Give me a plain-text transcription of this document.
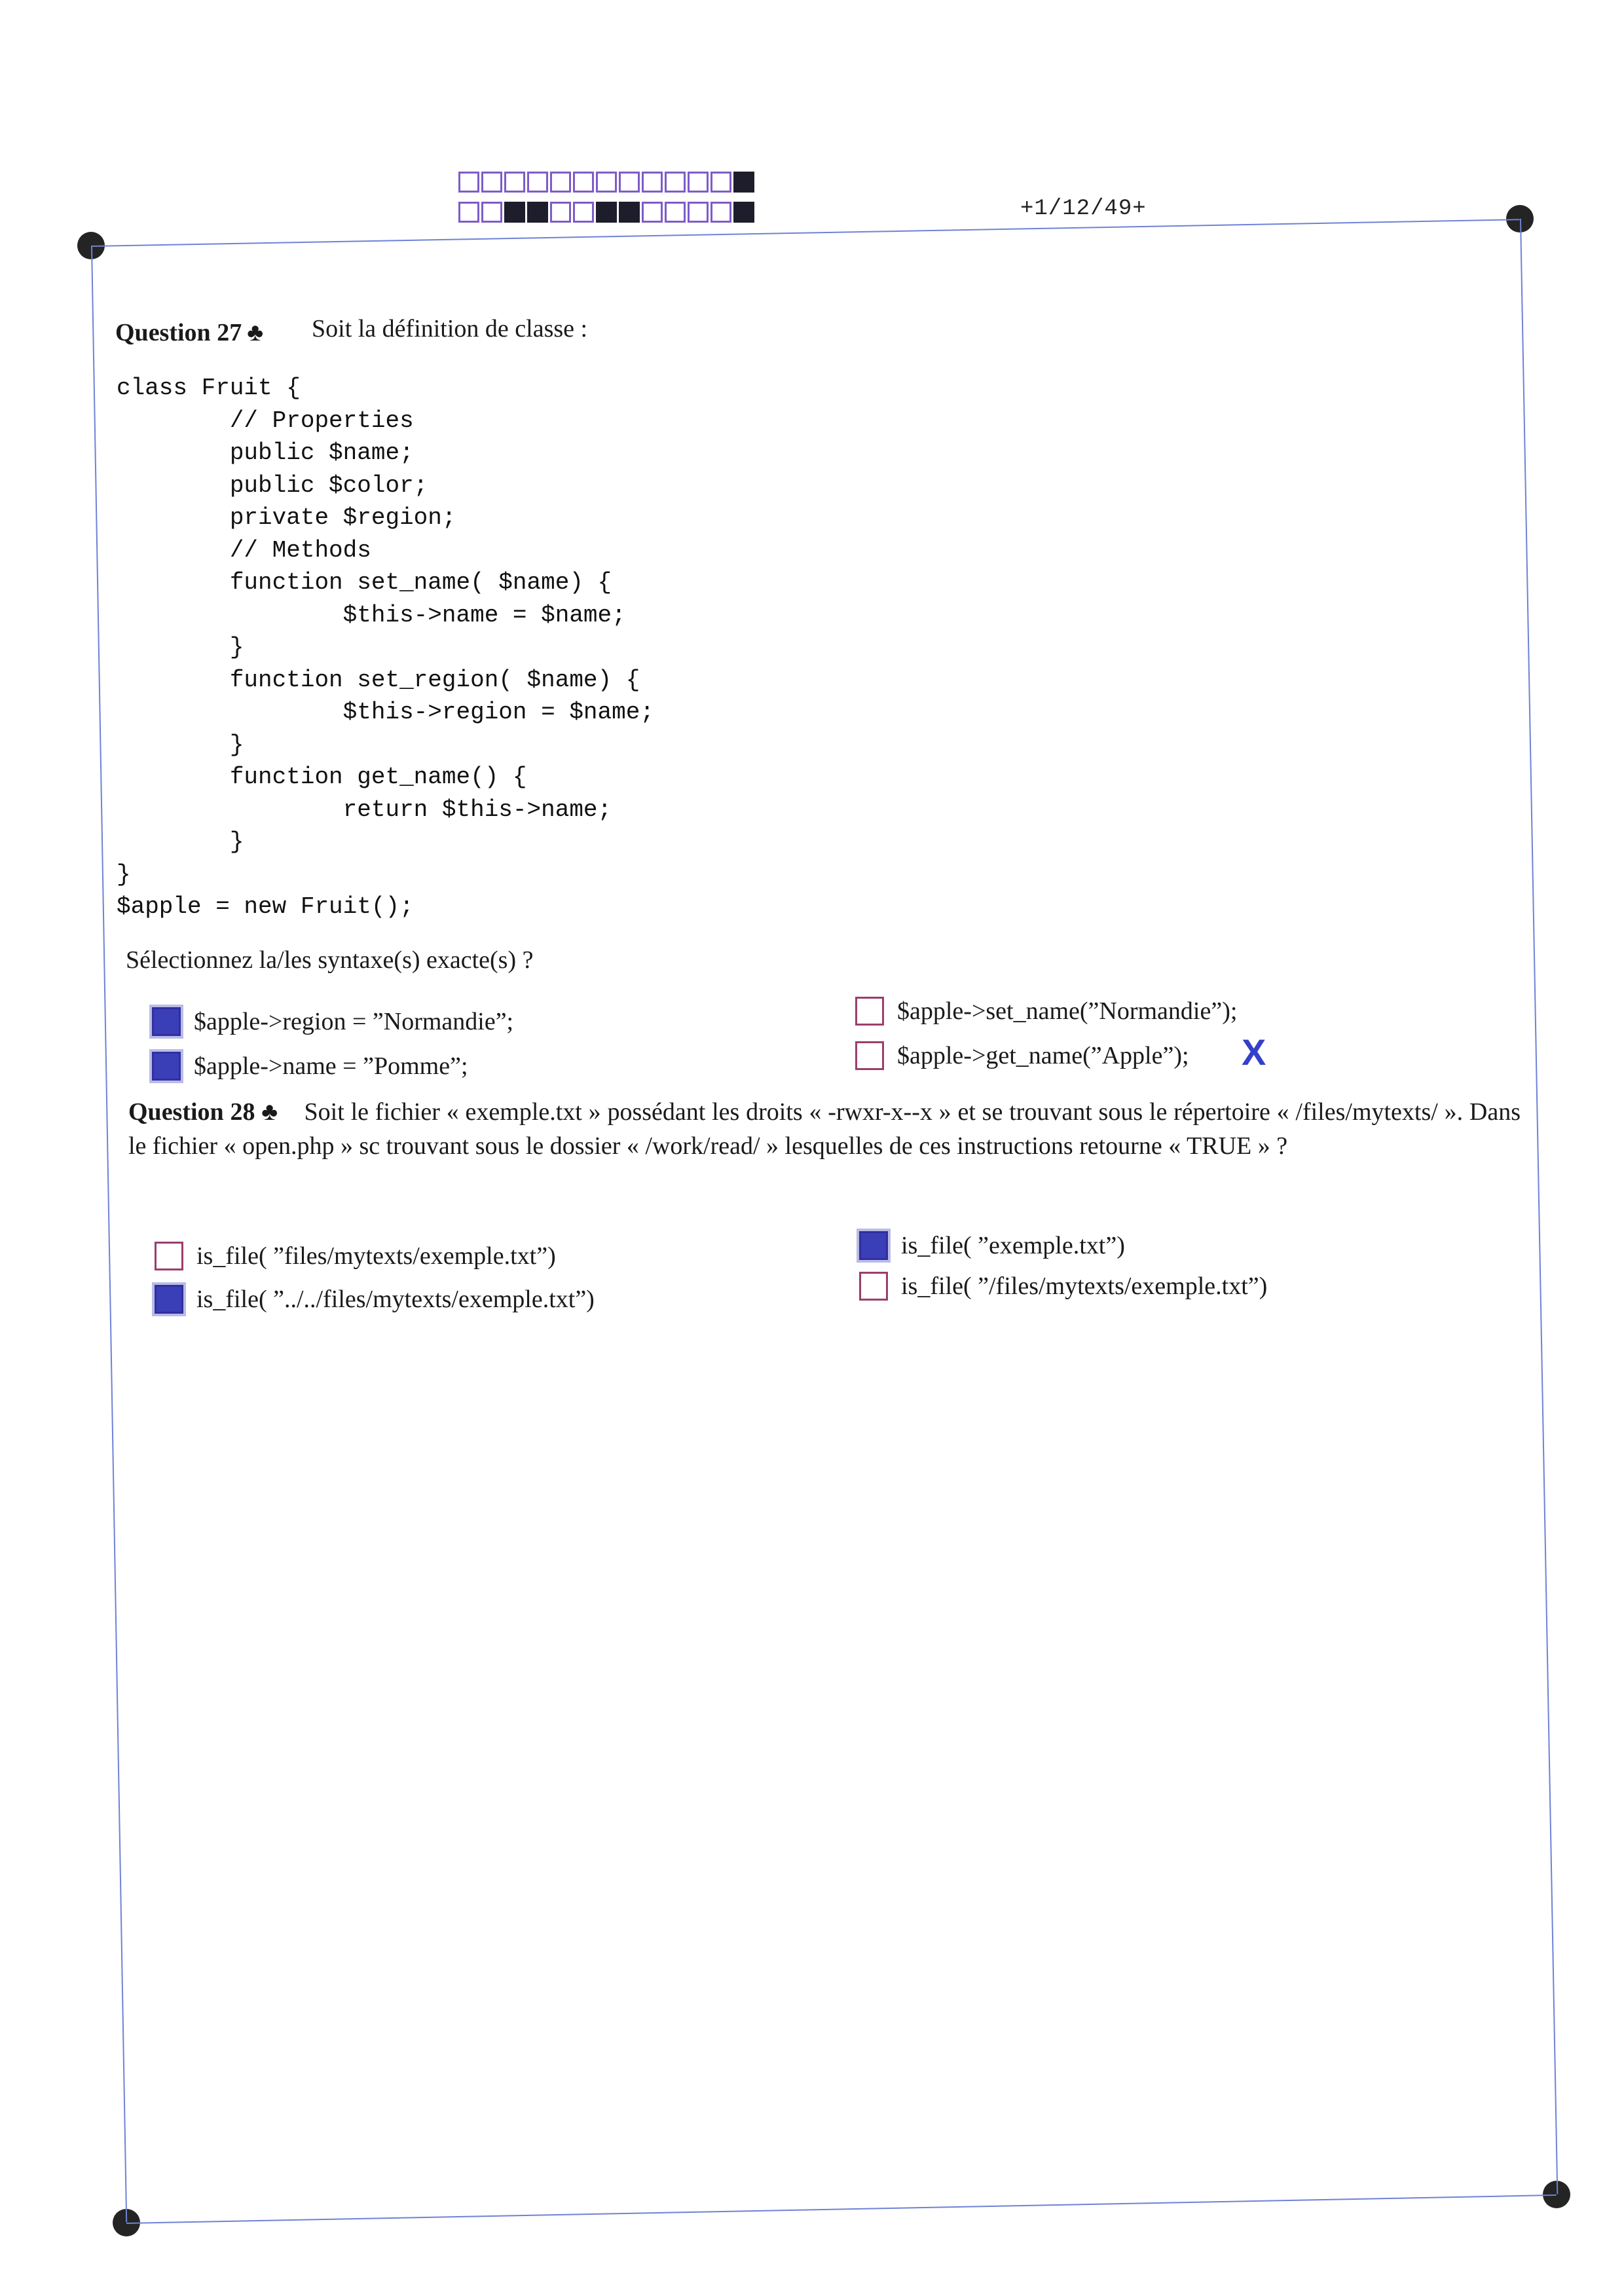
+1/12/49+
Question 27 ♣ Soit la définition de classe :
class Fruit {
// Properties
public $name;
public $color;
private $region;
// Methods
function set_name( $name) {
$this->name = $name;
}
function set_region( $name) {
$this->region = $name;
}
function get_name() {
return $this->name;
}
}
$apple = new Fruit();
Sélectionnez la/les syntaxe(s) exacte(s) ?
$apple->region = ”Normandie”;
$apple->name = ”Pomme”;
$apple->set_name(”Normandie”);
$apple->get_name(”Apple”); X
Question 28 ♣ Soit le fichier « exemple.txt » possédant les droits « -rwxr-x--x » et se trouvant sous le répertoire « /files/mytexts/ ». Dans le fichier « open.php » sc trouvant sous le dossier « /work/read/ » lesquelles de ces instructions retourne « TRUE » ?
is_file( ”files/mytexts/exemple.txt”)
is_file( ”../../files/mytexts/exemple.txt”)
is_file( ”exemple.txt”)
is_file( ”/files/mytexts/exemple.txt”)
